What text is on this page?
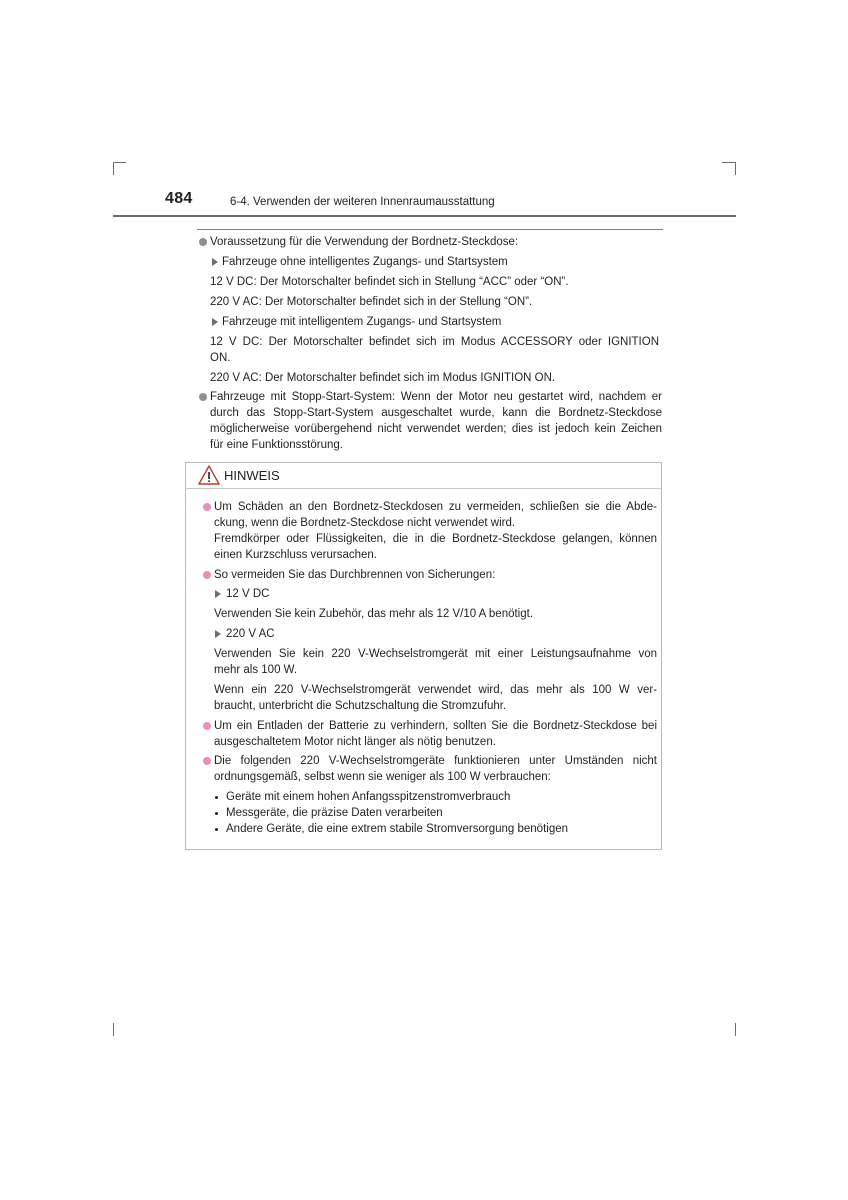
484	6-4. Verwenden der weiteren Innenraumausstattung
Voraussetzung für die Verwendung der Bordnetz-Steckdose:
Fahrzeuge ohne intelligentes Zugangs- und Startsystem
12 V DC: Der Motorschalter befindet sich in Stellung “ACC” oder “ON”.
220 V AC: Der Motorschalter befindet sich in der Stellung “ON”.
Fahrzeuge mit intelligentem Zugangs- und Startsystem
12 V DC: Der Motorschalter befindet sich im Modus ACCESSORY oder IGNITION
ON.
220 V AC: Der Motorschalter befindet sich im Modus IGNITION ON.
Fahrzeuge mit Stopp-Start-System: Wenn der Motor neu gestartet wird, nachdem er
durch das Stopp-Start-System ausgeschaltet wurde, kann die Bordnetz-Steckdose
möglicherweise vorübergehend nicht verwendet werden; dies ist jedoch kein Zeichen
für eine Funktionsstörung.
HINWEIS
Um Schäden an den Bordnetz-Steckdosen zu vermeiden, schließen sie die Abde-
ckung, wenn die Bordnetz-Steckdose nicht verwendet wird.
Fremdkörper oder Flüssigkeiten, die in die Bordnetz-Steckdose gelangen, können
einen Kurzschluss verursachen.
So vermeiden Sie das Durchbrennen von Sicherungen:
12 V DC
Verwenden Sie kein Zubehör, das mehr als 12 V/10 A benötigt.
220 V AC
Verwenden Sie kein 220 V-Wechselstromgerät mit einer Leistungsaufnahme von
mehr als 100 W.
Wenn ein 220 V-Wechselstromgerät verwendet wird, das mehr als 100 W ver-
braucht, unterbricht die Schutzschaltung die Stromzufuhr.
Um ein Entladen der Batterie zu verhindern, sollten Sie die Bordnetz-Steckdose bei
ausgeschaltetem Motor nicht länger als nötig benutzen.
Die folgenden 220 V-Wechselstromgeräte funktionieren unter Umständen nicht
ordnungsgemäß, selbst wenn sie weniger als 100 W verbrauchen:
Geräte mit einem hohen Anfangsspitzenstromverbrauch
Messgeräte, die präzise Daten verarbeiten
Andere Geräte, die eine extrem stabile Stromversorgung benötigen
